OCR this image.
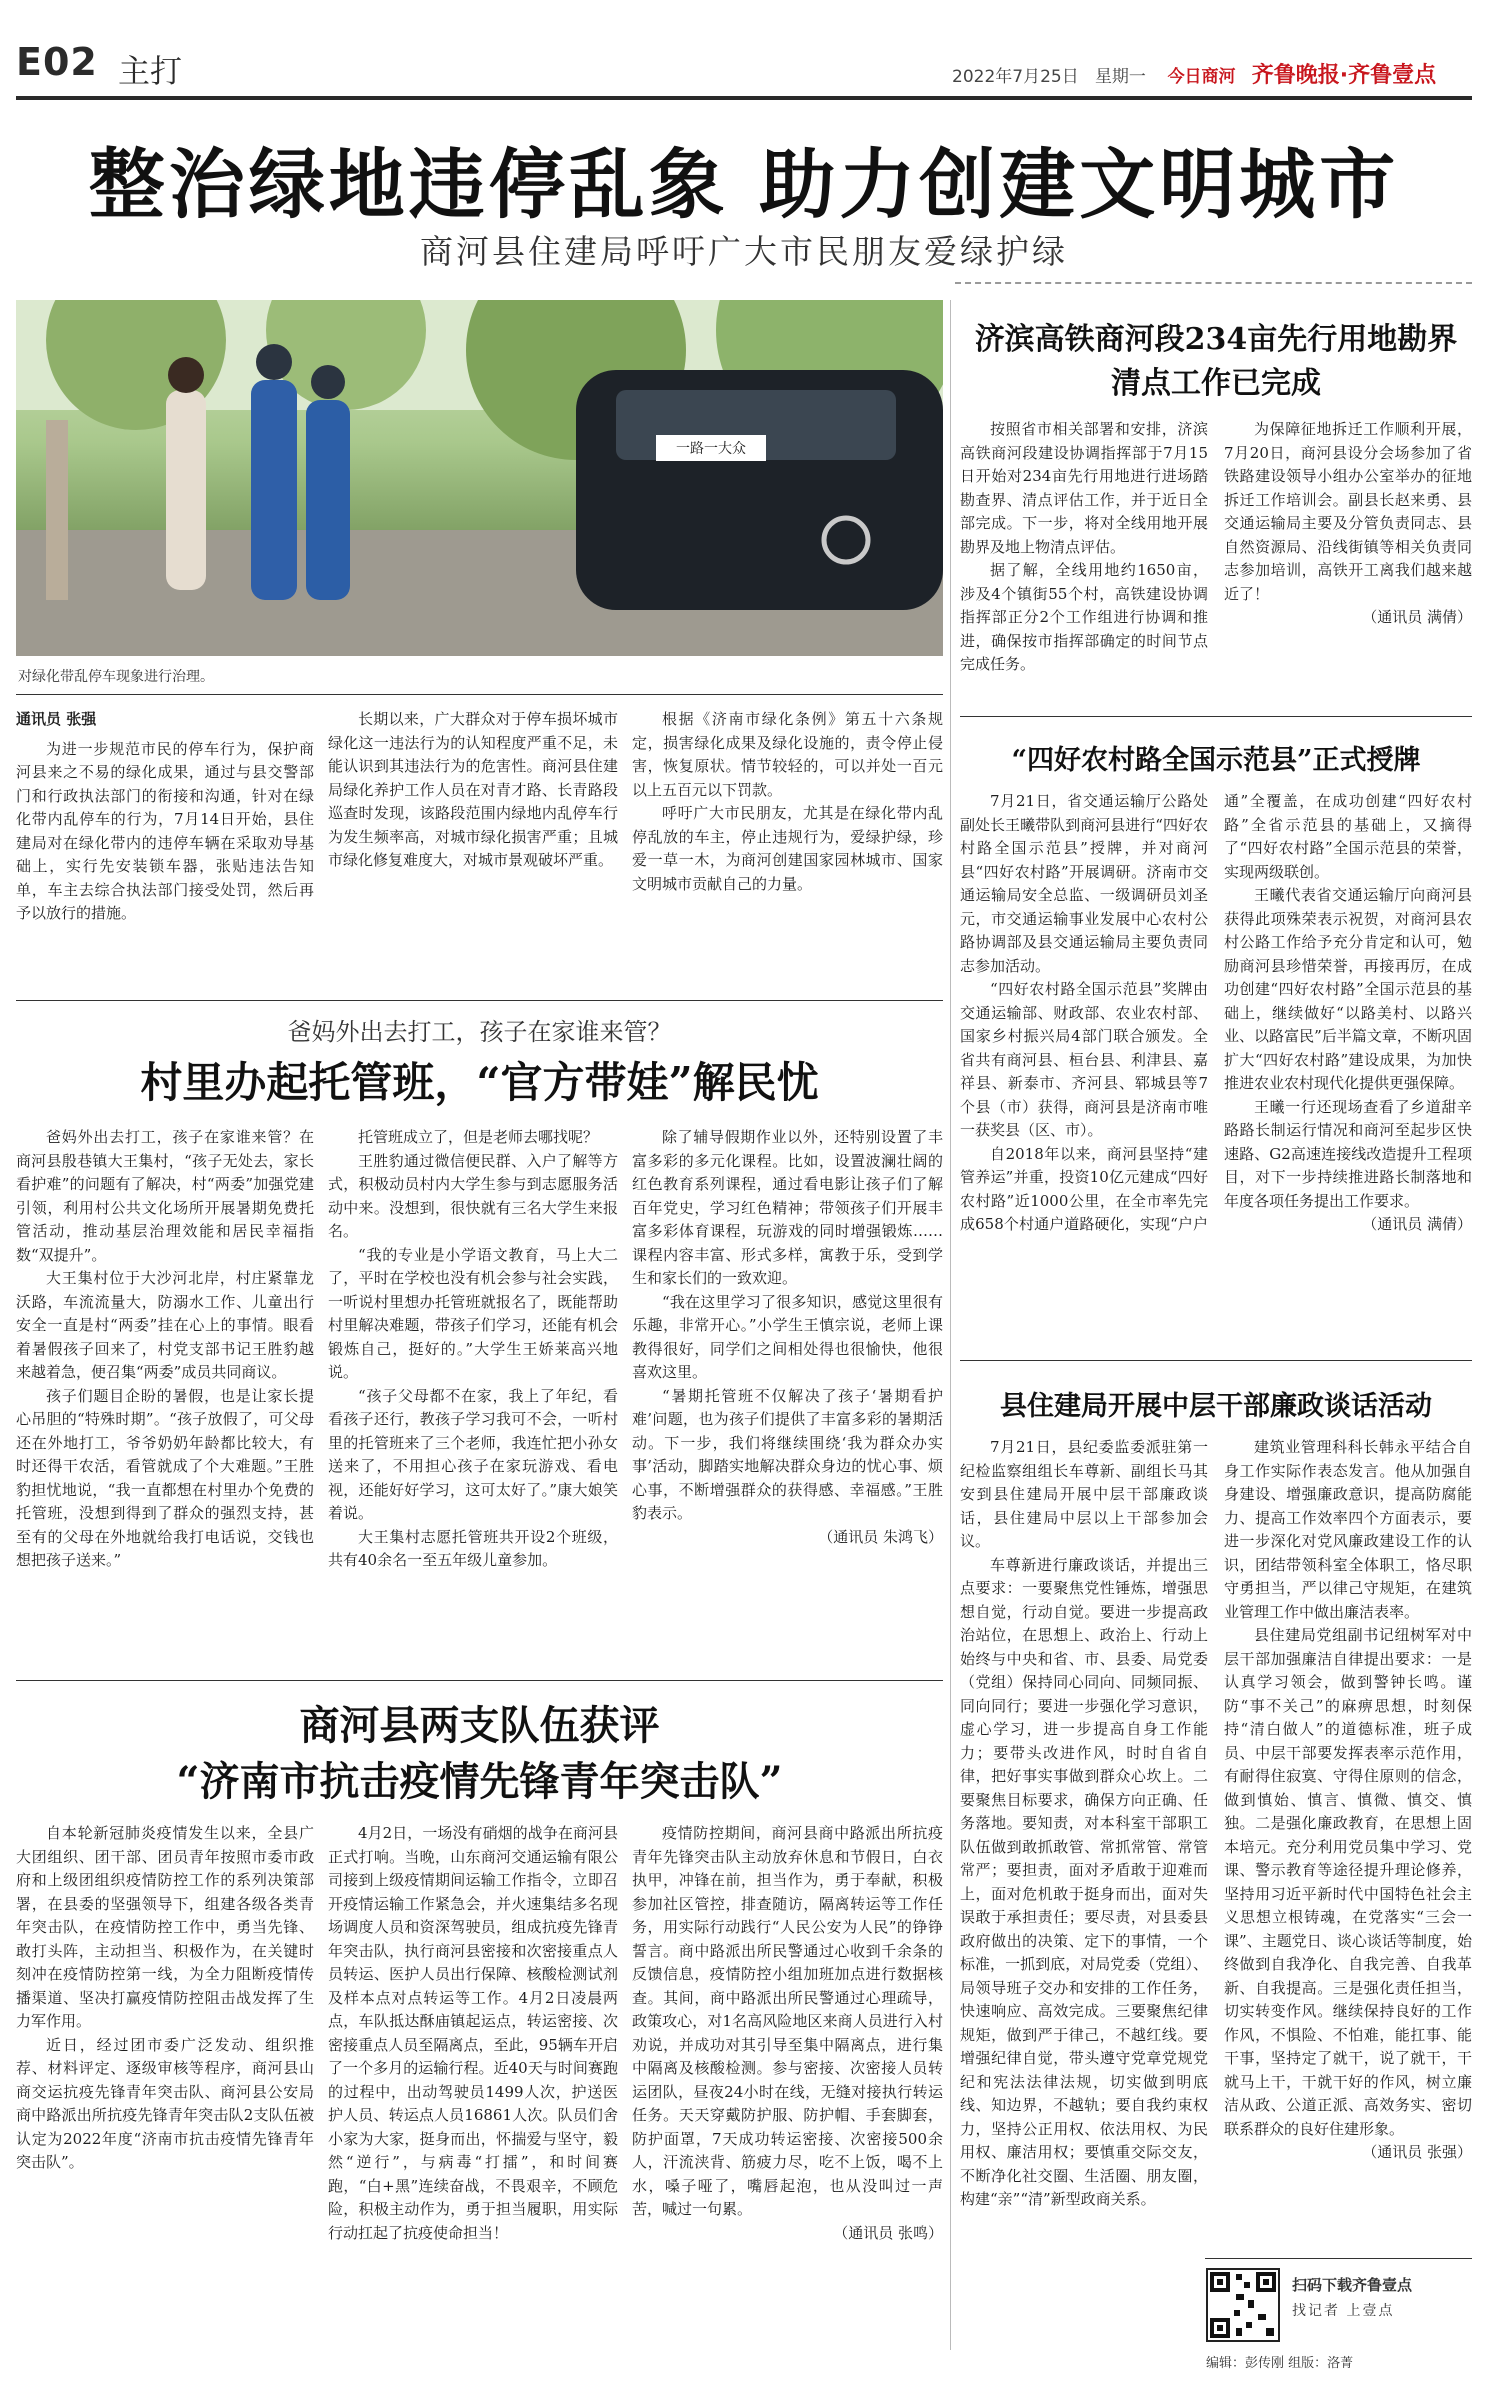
E02 主打	2022年7月25日 星期一 今日商河 齐鲁晚报·齐鲁壹点
整治绿地违停乱象 助力创建文明城市
商河县住建局呼吁广大市民朋友爱绿护绿
一路一大众
对绿化带乱停车现象进行治理。

通讯员 张强

为进一步规范市民的停车行为，保护商河县来之不易的绿化成果，通过与县交警部门和行政执法部门的衔接和沟通，针对在绿化带内乱停车的行为，7月14日开始，县住建局对在绿化带内的违停车辆在采取劝导基础上，实行先安装锁车器，张贴违法告知单，车主去综合执法部门接受处罚，然后再予以放行的措施。

长期以来，广大群众对于停车损坏城市绿化这一违法行为的认知程度严重不足，未能认识到其违法行为的危害性。商河县住建局绿化养护工作人员在对青才路、长青路段巡查时发现，该路段范围内绿地内乱停车行为发生频率高，对城市绿化损害严重；且城市绿化修复难度大，对城市景观破坏严重。

根据《济南市绿化条例》第五十六条规定，损害绿化成果及绿化设施的，责令停止侵害，恢复原状。情节较轻的，可以并处一百元以上五百元以下罚款。

呼吁广大市民朋友，尤其是在绿化带内乱停乱放的车主，停止违规行为，爱绿护绿，珍爱一草一木，为商河创建国家园林城市、国家文明城市贡献自己的力量。

爸妈外出去打工，孩子在家谁来管？
村里办起托管班，“官方带娃”解民忧

爸妈外出去打工，孩子在家谁来管？在商河县殷巷镇大王集村，“孩子无处去，家长看护难”的问题有了解决，村“两委”加强党建引领，利用村公共文化场所开展暑期免费托管活动，推动基层治理效能和居民幸福指数“双提升”。

大王集村位于大沙河北岸，村庄紧靠龙沃路，车流流量大，防溺水工作、儿童出行安全一直是村“两委”挂在心上的事情。眼看着暑假孩子回来了，村党支部书记王胜豹越来越着急，便召集“两委”成员共同商议。

孩子们题目企盼的暑假，也是让家长提心吊胆的“特殊时期”。“孩子放假了，可父母还在外地打工，爷爷奶奶年龄都比较大，有时还得干农活，看管就成了个大难题。”王胜豹担忧地说，“我一直都想在村里办个免费的托管班，没想到得到了群众的强烈支持，甚至有的父母在外地就给我打电话说，交钱也想把孩子送来。”

托管班成立了，但是老师去哪找呢？

王胜豹通过微信便民群、入户了解等方式，积极动员村内大学生参与到志愿服务活动中来。没想到，很快就有三名大学生来报名。

“我的专业是小学语文教育，马上大二了，平时在学校也没有机会参与社会实践，一听说村里想办托管班就报名了，既能帮助村里解决难题，带孩子们学习，还能有机会锻炼自己，挺好的。”大学生王娇莱高兴地说。

“孩子父母都不在家，我上了年纪，看看孩子还行，教孩子学习我可不会，一听村里的托管班来了三个老师，我连忙把小孙女送来了，不用担心孩子在家玩游戏、看电视，还能好好学习，这可太好了。”康大娘笑着说。

大王集村志愿托管班共开设2个班级，共有40余名一至五年级儿童参加。

除了辅导假期作业以外，还特别设置了丰富多彩的多元化课程。比如，设置波澜壮阔的红色教育系列课程，通过看电影让孩子们了解百年党史，学习红色精神；带领孩子们开展丰富多彩体育课程，玩游戏的同时增强锻炼……课程内容丰富、形式多样，寓教于乐，受到学生和家长们的一致欢迎。

“我在这里学习了很多知识，感觉这里很有乐趣，非常开心。”小学生王慎宗说，老师上课教得很好，同学们之间相处得也很愉快，他很喜欢这里。

“暑期托管班不仅解决了孩子‘暑期看护难’问题，也为孩子们提供了丰富多彩的暑期活动。下一步，我们将继续围绕‘我为群众办实事’活动，脚踏实地解决群众身边的忧心事、烦心事，不断增强群众的获得感、幸福感。”王胜豹表示。

（通讯员 朱鸿飞）

商河县两支队伍获评
“济南市抗击疫情先锋青年突击队”

自本轮新冠肺炎疫情发生以来，全县广大团组织、团干部、团员青年按照市委市政府和上级团组织疫情防控工作的系列决策部署，在县委的坚强领导下，组建各级各类青年突击队，在疫情防控工作中，勇当先锋、敢打头阵，主动担当、积极作为，在关键时刻冲在疫情防控第一线，为全力阻断疫情传播渠道、坚决打赢疫情防控阻击战发挥了生力军作用。

近日，经过团市委广泛发动、组织推荐、材料评定、逐级审核等程序，商河县山商交运抗疫先锋青年突击队、商河县公安局商中路派出所抗疫先锋青年突击队2支队伍被认定为2022年度“济南市抗击疫情先锋青年突击队”。

4月2日，一场没有硝烟的战争在商河县正式打响。当晚，山东商河交通运输有限公司接到上级疫情期间运输工作指令，立即召开疫情运输工作紧急会，并火速集结多名现场调度人员和资深驾驶员，组成抗疫先锋青年突击队，执行商河县密接和次密接重点人员转运、医护人员出行保障、核酸检测试剂及样本点对点转运等工作。4月2日凌晨两点，车队抵达酥庙镇起运点，转运密接、次密接重点人员至隔离点，至此，95辆车开启了一个多月的运输行程。近40天与时间赛跑的过程中，出动驾驶员1499人次，护送医护人员、转运点人员16861人次。队员们舍小家为大家，挺身而出，怀揣爱与坚守，毅然“逆行”，与病毒“打擂”，和时间赛跑，“白+黑”连续奋战，不畏艰辛，不顾危险，积极主动作为，勇于担当履职，用实际行动扛起了抗疫使命担当！

疫情防控期间，商河县商中路派出所抗疫青年先锋突击队主动放弃休息和节假日，白衣执甲，冲锋在前，担当作为，勇于奉献，积极参加社区管控，排查随访，隔离转运等工作任务，用实际行动践行“人民公安为人民”的铮铮誓言。商中路派出所民警通过心收到千余条的反馈信息，疫情防控小组加班加点进行数据核查。其间，商中路派出所民警通过心理疏导，政策攻心，对1名高风险地区来商人员进行入村劝说，并成功对其引导至集中隔离点，进行集中隔离及核酸检测。参与密接、次密接人员转运团队，昼夜24小时在线，无缝对接执行转运任务。天天穿戴防护服、防护帽、手套脚套，防护面罩，7天成功转运密接、次密接500余人，汗流浃背、筋疲力尽，吃不上饭，喝不上水，嗓子哑了，嘴唇起泡，也从没叫过一声苦，喊过一句累。

（通讯员 张鸣）

济滨高铁商河段234亩先行用地勘界清点工作已完成

按照省市相关部署和安排，济滨高铁商河段建设协调指挥部于7月15日开始对234亩先行用地进行进场踏勘查界、清点评估工作，并于近日全部完成。下一步，将对全线用地开展勘界及地上物清点评估。

据了解，全线用地约1650亩，涉及4个镇街55个村，高铁建设协调指挥部正分2个工作组进行协调和推进，确保按市指挥部确定的时间节点完成任务。

为保障征地拆迁工作顺利开展，7月20日，商河县设分会场参加了省铁路建设领导小组办公室举办的征地拆迁工作培训会。副县长赵来勇、县交通运输局主要及分管负责同志、县自然资源局、沿线街镇等相关负责同志参加培训，高铁开工离我们越来越近了！

（通讯员 满倩）

“四好农村路全国示范县”正式授牌

7月21日，省交通运输厅公路处副处长王曦带队到商河县进行“四好农村路全国示范县”授牌，并对商河县“四好农村路”开展调研。济南市交通运输局安全总监、一级调研员刘圣元，市交通运输事业发展中心农村公路协调部及县交通运输局主要负责同志参加活动。

“四好农村路全国示范县”奖牌由交通运输部、财政部、农业农村部、国家乡村振兴局4部门联合颁发。全省共有商河县、桓台县、利津县、嘉祥县、新泰市、齐河县、郓城县等7个县（市）获得，商河县是济南市唯一获奖县（区、市）。

自2018年以来，商河县坚持“建管养运”并重，投资10亿元建成“四好农村路”近1000公里，在全市率先完成658个村通户道路硬化，实现“户户通”全覆盖，在成功创建“四好农村路”全省示范县的基础上，又摘得了“四好农村路”全国示范县的荣誉，实现两级联创。

王曦代表省交通运输厅向商河县获得此项殊荣表示祝贺，对商河县农村公路工作给予充分肯定和认可，勉励商河县珍惜荣誉，再接再厉，在成功创建“四好农村路”全国示范县的基础上，继续做好“以路美村、以路兴业、以路富民”后半篇文章，不断巩固扩大“四好农村路”建设成果，为加快推进农业农村现代化提供更强保障。

王曦一行还现场查看了乡道甜辛路路长制运行情况和商河至起步区快速路、G2高速连接线改造提升工程项目，对下一步持续推进路长制落地和年度各项任务提出工作要求。

（通讯员 满倩）

县住建局开展中层干部廉政谈话活动

7月21日，县纪委监委派驻第一纪检监察组组长车尊新、副组长马其安到县住建局开展中层干部廉政谈话，县住建局中层以上干部参加会议。

车尊新进行廉政谈话，并提出三点要求：一要聚焦党性锤炼，增强思想自觉，行动自觉。要进一步提高政治站位，在思想上、政治上、行动上始终与中央和省、市、县委、局党委（党组）保持同心同向、同频同振、同向同行；要进一步强化学习意识，虚心学习，进一步提高自身工作能力；要带头改进作风，时时自省自律，把好事实事做到群众心坎上。二要聚焦目标要求，确保方向正确、任务落地。要知责，对本科室干部职工队伍做到敢抓敢管、常抓常管、常管常严；要担责，面对矛盾敢于迎难而上，面对危机敢于挺身而出，面对失误敢于承担责任；要尽责，对县委县政府做出的决策、定下的事情，一个标准，一抓到底，对局党委（党组）、局领导班子交办和安排的工作任务，快速响应、高效完成。三要聚焦纪律规矩，做到严于律己，不越红线。要增强纪律自觉，带头遵守党章党规党纪和宪法法律法规，切实做到明底线、知边界，不越轨；要自我约束权力，坚持公正用权、依法用权、为民用权、廉洁用权；要慎重交际交友，不断净化社交圈、生活圈、朋友圈，构建“亲”“清”新型政商关系。

建筑业管理科科长韩永平结合自身工作实际作表态发言。他从加强自身建设、增强廉政意识，提高防腐能力、提高工作效率四个方面表示，要进一步深化对党风廉政建设工作的认识，团结带领科室全体职工，恪尽职守勇担当，严以律己守规矩，在建筑业管理工作中做出廉洁表率。

县住建局党组副书记纽树军对中层干部加强廉洁自律提出要求：一是认真学习领会，做到警钟长鸣。谨防“事不关己”的麻痹思想，时刻保持“清白做人”的道德标准，班子成员、中层干部要发挥表率示范作用，有耐得住寂寞、守得住原则的信念，做到慎始、慎言、慎微、慎交、慎独。二是强化廉政教育，在思想上固本培元。充分利用党员集中学习、党课、警示教育等途径提升理论修养，坚持用习近平新时代中国特色社会主义思想立根铸魂，在党落实“三会一课”、主题党日、谈心谈话等制度，始终做到自我净化、自我完善、自我革新、自我提高。三是强化责任担当，切实转变作风。继续保持良好的工作作风，不惧险、不怕难，能扛事、能干事，坚持定了就干，说了就干，干就马上干，干就干好的作风，树立廉洁从政、公道正派、高效务实、密切联系群众的良好住建形象。

（通讯员 张强）

扫码下载齐鲁壹点
找记者 上壹点
编辑：彭传刚 组版：洛菁
